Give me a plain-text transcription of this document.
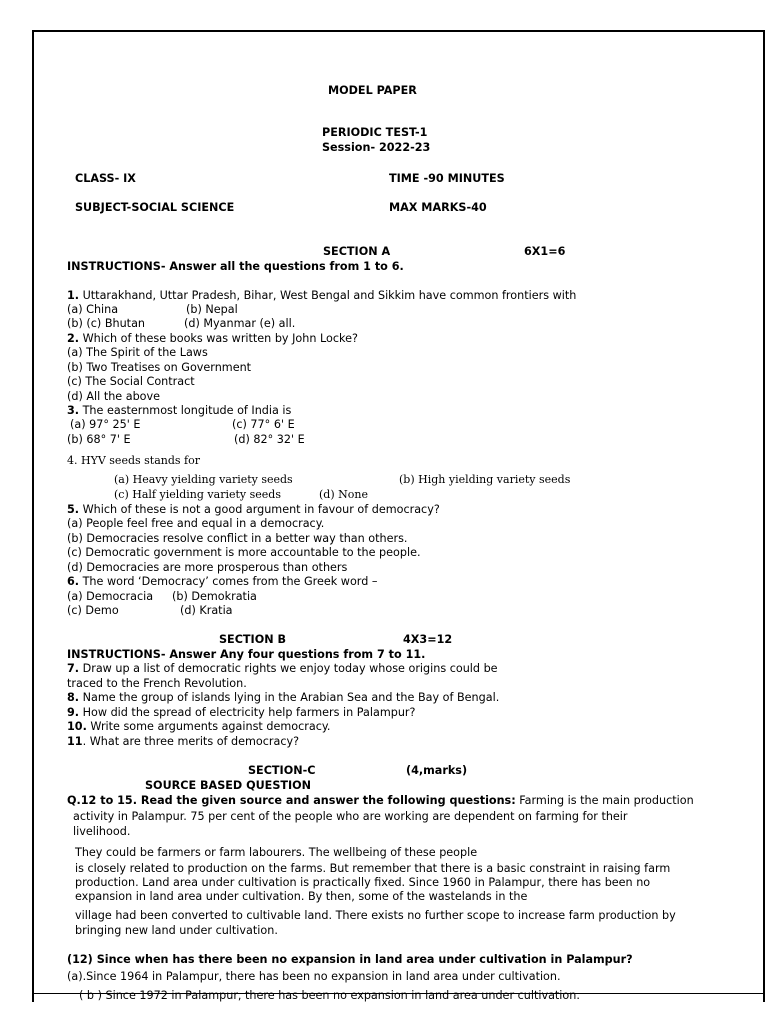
MODEL PAPER
PERIODIC TEST-1
Session- 2022-23
CLASS- IX	TIME -90 MINUTES
SUBJECT-SOCIAL SCIENCE	MAX MARKS-40
SECTION A	6X1=6
INSTRUCTIONS- Answer all the questions from 1 to 6.
1. Uttarakhand, Uttar Pradesh, Bihar, West Bengal and Sikkim have common frontiers with
(a) China	(b) Nepal
(b) (c) Bhutan	(d) Myanmar (e) all.
2. Which of these books was written by John Locke?
(a) The Spirit of the Laws
(b) Two Treatises on Government
(c) The Social Contract
(d) All the above
3. The easternmost longitude of India is
(a) 97° 25' E	(c) 77° 6' E
(b) 68° 7' E	(d) 82° 32' E
4. HYV seeds stands for
(a) Heavy yielding variety seeds	(b) High yielding variety seeds
(c) Half yielding variety seeds	(d) None
5. Which of these is not a good argument in favour of democracy?
(a) People feel free and equal in a democracy.
(b) Democracies resolve conflict in a better way than others.
(c) Democratic government is more accountable to the people.
(d) Democracies are more prosperous than others
6. The word ‘Democracy’ comes from the Greek word –
(a) Democracia (b) Demokratia
(c) Demo	(d) Kratia
SECTION B	4X3=12
INSTRUCTIONS- Answer Any four questions from 7 to 11.
7. Draw up a list of democratic rights we enjoy today whose origins could be
traced to the French Revolution.
8. Name the group of islands lying in the Arabian Sea and the Bay of Bengal.
9. How did the spread of electricity help farmers in Palampur?
10. Write some arguments against democracy.
11. What are three merits of democracy?
SECTION-C	(4,marks)
SOURCE BASED QUESTION
Q.12 to 15. Read the given source and answer the following questions: Farming is the main production
activity in Palampur. 75 per cent of the people who are working are dependent on farming for their
livelihood.
They could be farmers or farm labourers. The wellbeing of these people
is closely related to production on the farms. But remember that there is a basic constraint in raising farm
production. Land area under cultivation is practically fixed. Since 1960 in Palampur, there has been no
expansion in land area under cultivation. By then, some of the wastelands in the
village had been converted to cultivable land. There exists no further scope to increase farm production by
bringing new land under cultivation.
(12) Since when has there been no expansion in land area under cultivation in Palampur?
(a).Since 1964 in Palampur, there has been no expansion in land area under cultivation.
( b ) Since 1972 in Palampur, there has been no expansion in land area under cultivation.
